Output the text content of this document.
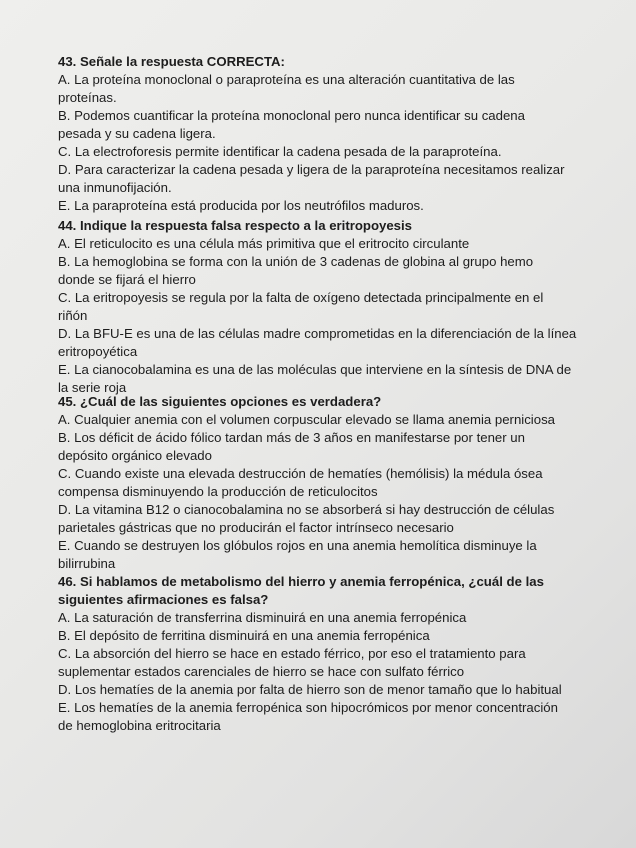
43. Señale la respuesta CORRECTA:

A. La proteína monoclonal o paraproteína es una alteración cuantitativa de las

proteínas.

B. Podemos cuantificar la proteína monoclonal pero nunca identificar su cadena

pesada y su cadena ligera.

C. La electroforesis permite identificar la cadena pesada de la paraproteína.

D. Para caracterizar la cadena pesada y ligera de la paraproteína necesitamos realizar

una inmunofijación.

E. La paraproteína está producida por los neutrófilos maduros.

44. Indique la respuesta falsa respecto a la eritropoyesis

A. El reticulocito es una célula más primitiva que el eritrocito circulante

B. La hemoglobina se forma con la unión de 3 cadenas de globina al grupo hemo

donde se fijará el hierro

C. La eritropoyesis se regula por la falta de oxígeno detectada principalmente en el

riñón

D. La BFU-E es una de las células madre comprometidas en la diferenciación de la línea

eritropoyética

E. La cianocobalamina es una de las moléculas que interviene en la síntesis de DNA de

la serie roja

45. ¿Cuál de las siguientes opciones es verdadera?

A. Cualquier anemia con el volumen corpuscular elevado se llama anemia perniciosa

B. Los déficit de ácido fólico tardan más de 3 años en manifestarse por tener un

depósito orgánico elevado

C. Cuando existe una elevada destrucción de hematíes (hemólisis) la médula ósea

compensa disminuyendo la producción de reticulocitos

D. La vitamina B12 o cianocobalamina no se absorberá si hay destrucción de células

parietales gástricas que no producirán el factor intrínseco necesario

E. Cuando se destruyen los glóbulos rojos en una anemia hemolítica disminuye la

bilirrubina

46. Si hablamos de metabolismo del hierro y anemia ferropénica, ¿cuál de las

siguientes afirmaciones es falsa?

A. La saturación de transferrina disminuirá en una anemia ferropénica

B. El depósito de ferritina disminuirá en una anemia ferropénica

C. La absorción del hierro se hace en estado férrico, por eso el tratamiento para

suplementar estados carenciales de hierro se hace con sulfato férrico

D. Los hematíes de la anemia por falta de hierro son de menor tamaño que lo habitual

E. Los hematíes de la anemia ferropénica son hipocrómicos por menor concentración

de hemoglobina eritrocitaria
